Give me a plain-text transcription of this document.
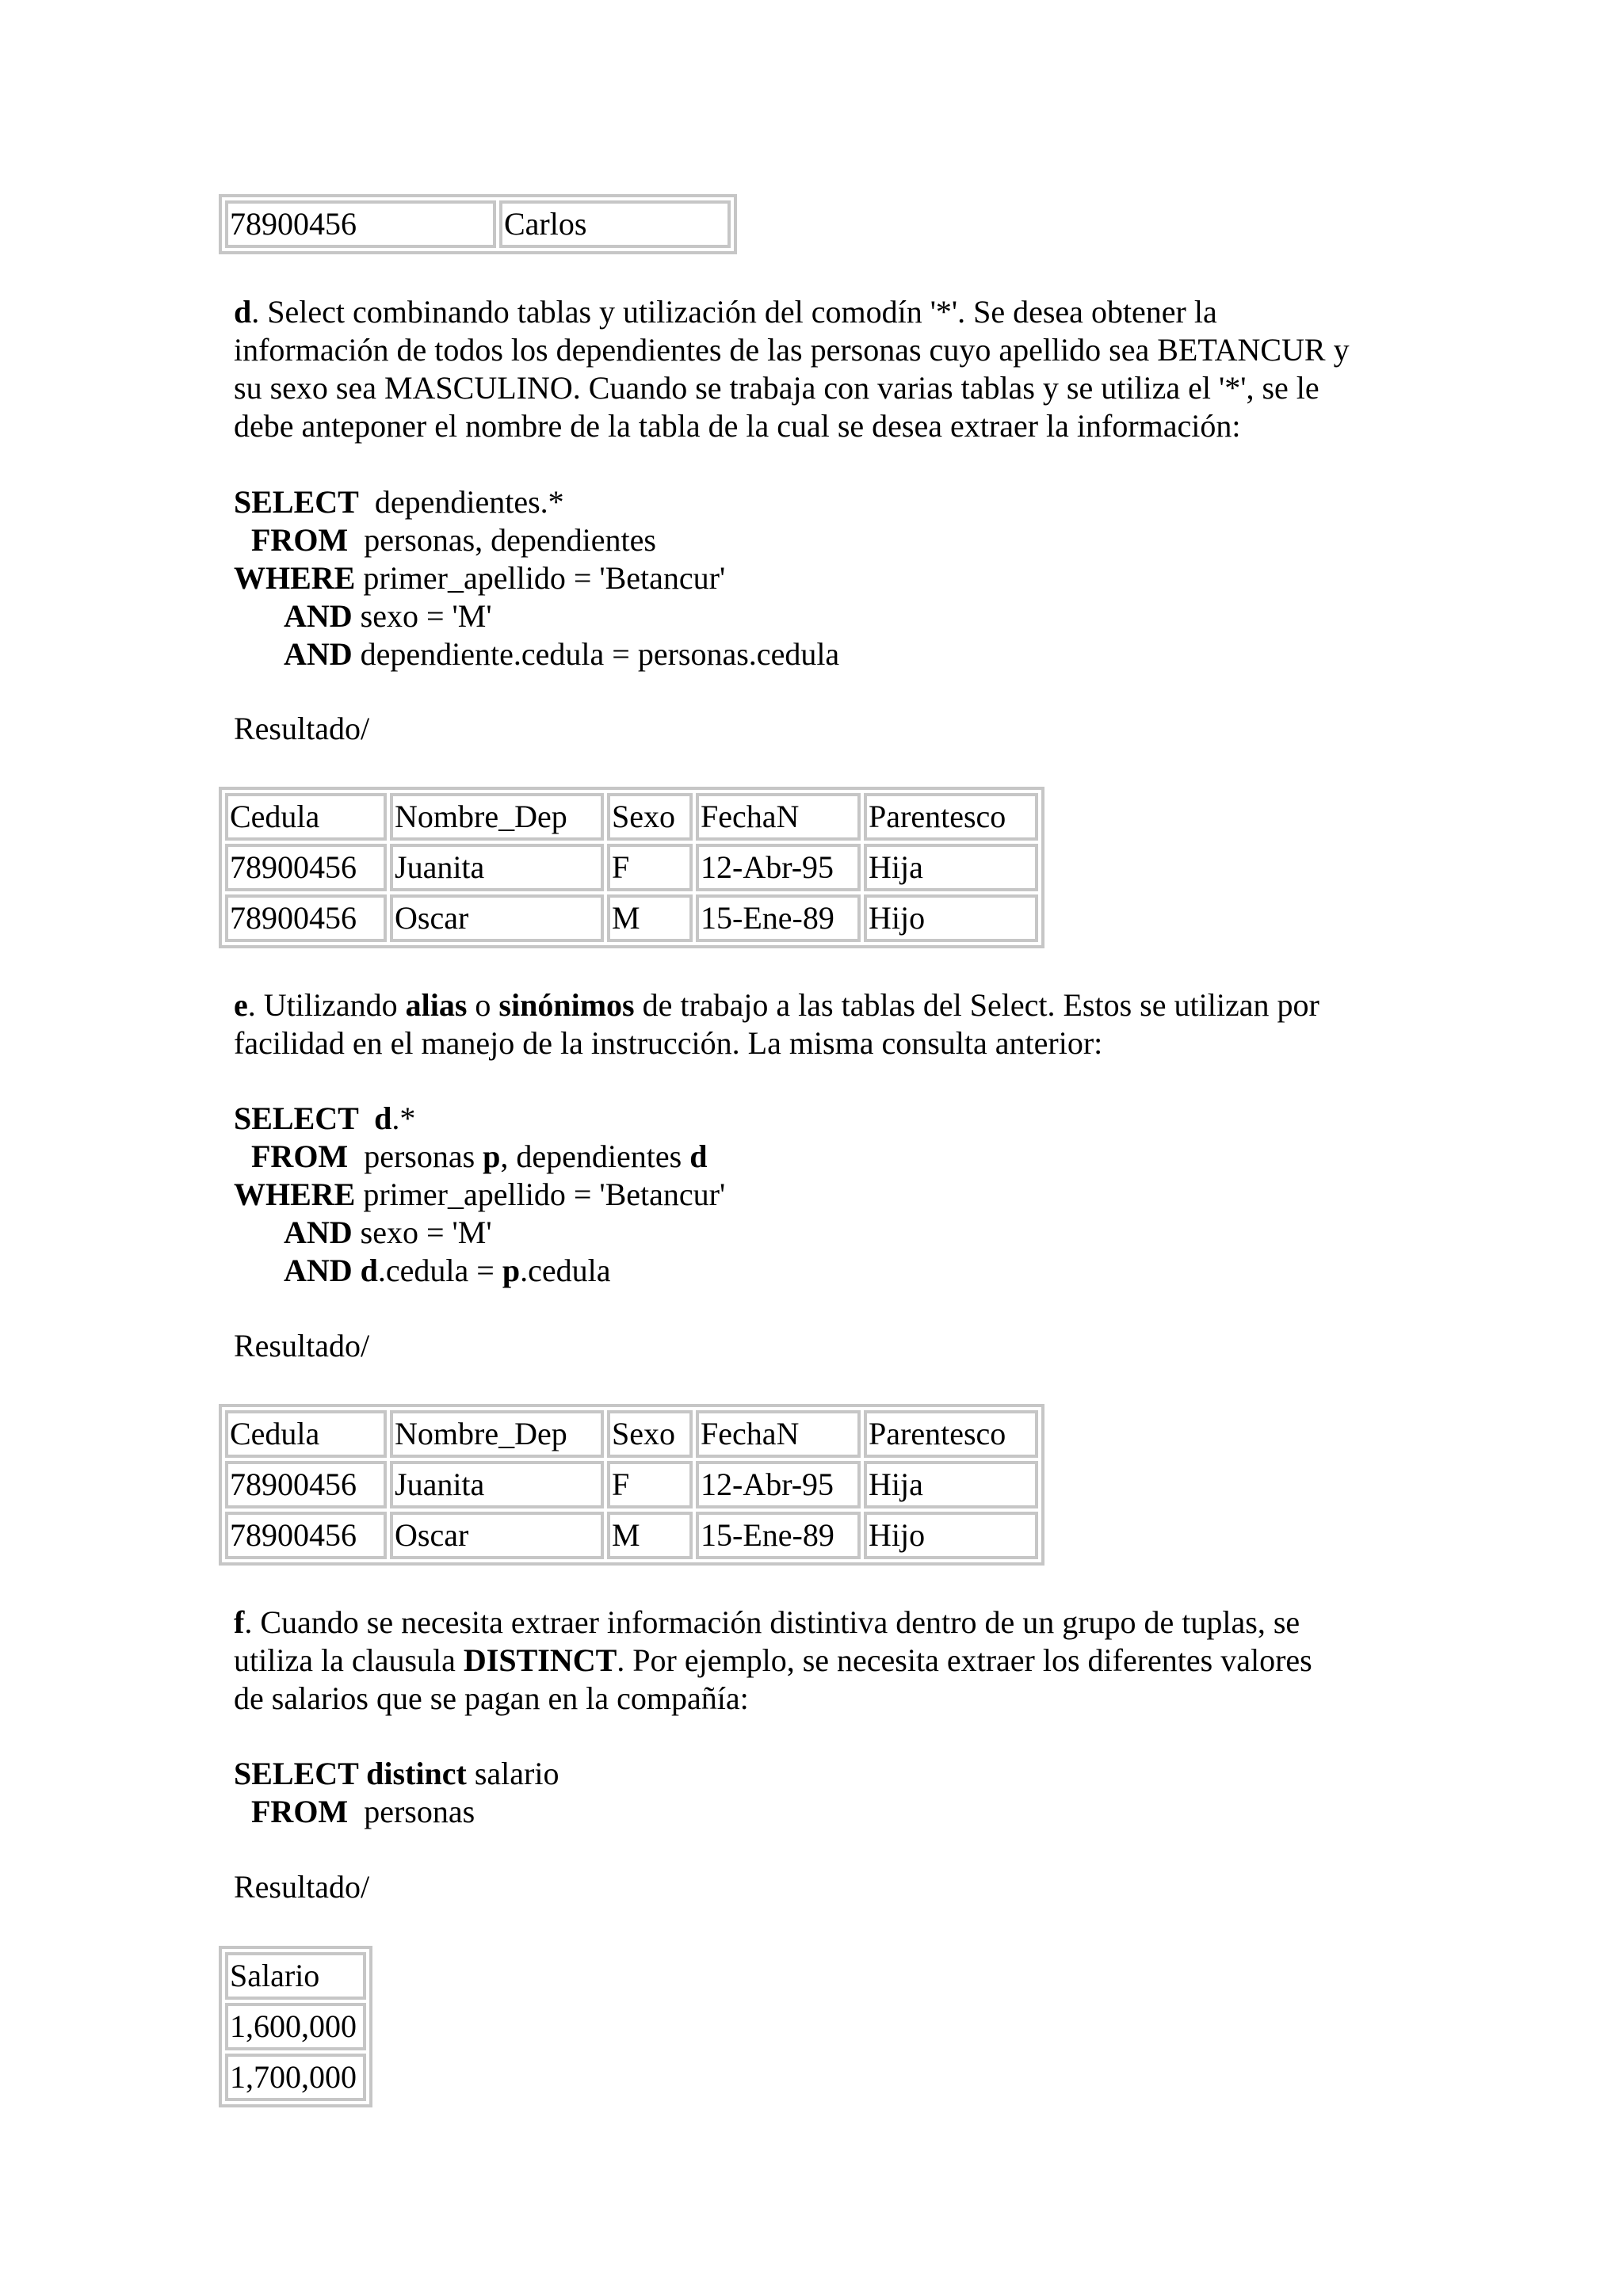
78900456	Carlos
d. Select combinando tablas y utilización del comodín '*'. Se desea obtener la
información de todos los dependientes de las personas cuyo apellido sea BETANCUR y
su sexo sea MASCULINO. Cuando se trabaja con varias tablas y se utiliza el '*', se le
debe anteponer el nombre de la tabla de la cual se desea extraer la información:
SELECT  dependientes.*
FROM  personas, dependientes
WHERE primer_apellido = 'Betancur'
AND sexo = 'M'
AND dependiente.cedula = personas.cedula
Resultado/
Cedula	Nombre_Dep	Sexo	FechaN	Parentesco
78900456	Juanita	F	12-Abr-95	Hija
78900456	Oscar	M	15-Ene-89	Hijo
e. Utilizando alias o sinónimos de trabajo a las tablas del Select. Estos se utilizan por
facilidad en el manejo de la instrucción. La misma consulta anterior:
SELECT  d.*
FROM  personas p, dependientes d
WHERE primer_apellido = 'Betancur'
AND sexo = 'M'
AND d.cedula = p.cedula
Resultado/
Cedula	Nombre_Dep	Sexo	FechaN	Parentesco
78900456	Juanita	F	12-Abr-95	Hija
78900456	Oscar	M	15-Ene-89	Hijo
f. Cuando se necesita extraer información distintiva dentro de un grupo de tuplas, se
utiliza la clausula DISTINCT. Por ejemplo, se necesita extraer los diferentes valores
de salarios que se pagan en la compañía:
SELECT distinct salario
FROM  personas
Resultado/
Salario
1,600,000
1,700,000
